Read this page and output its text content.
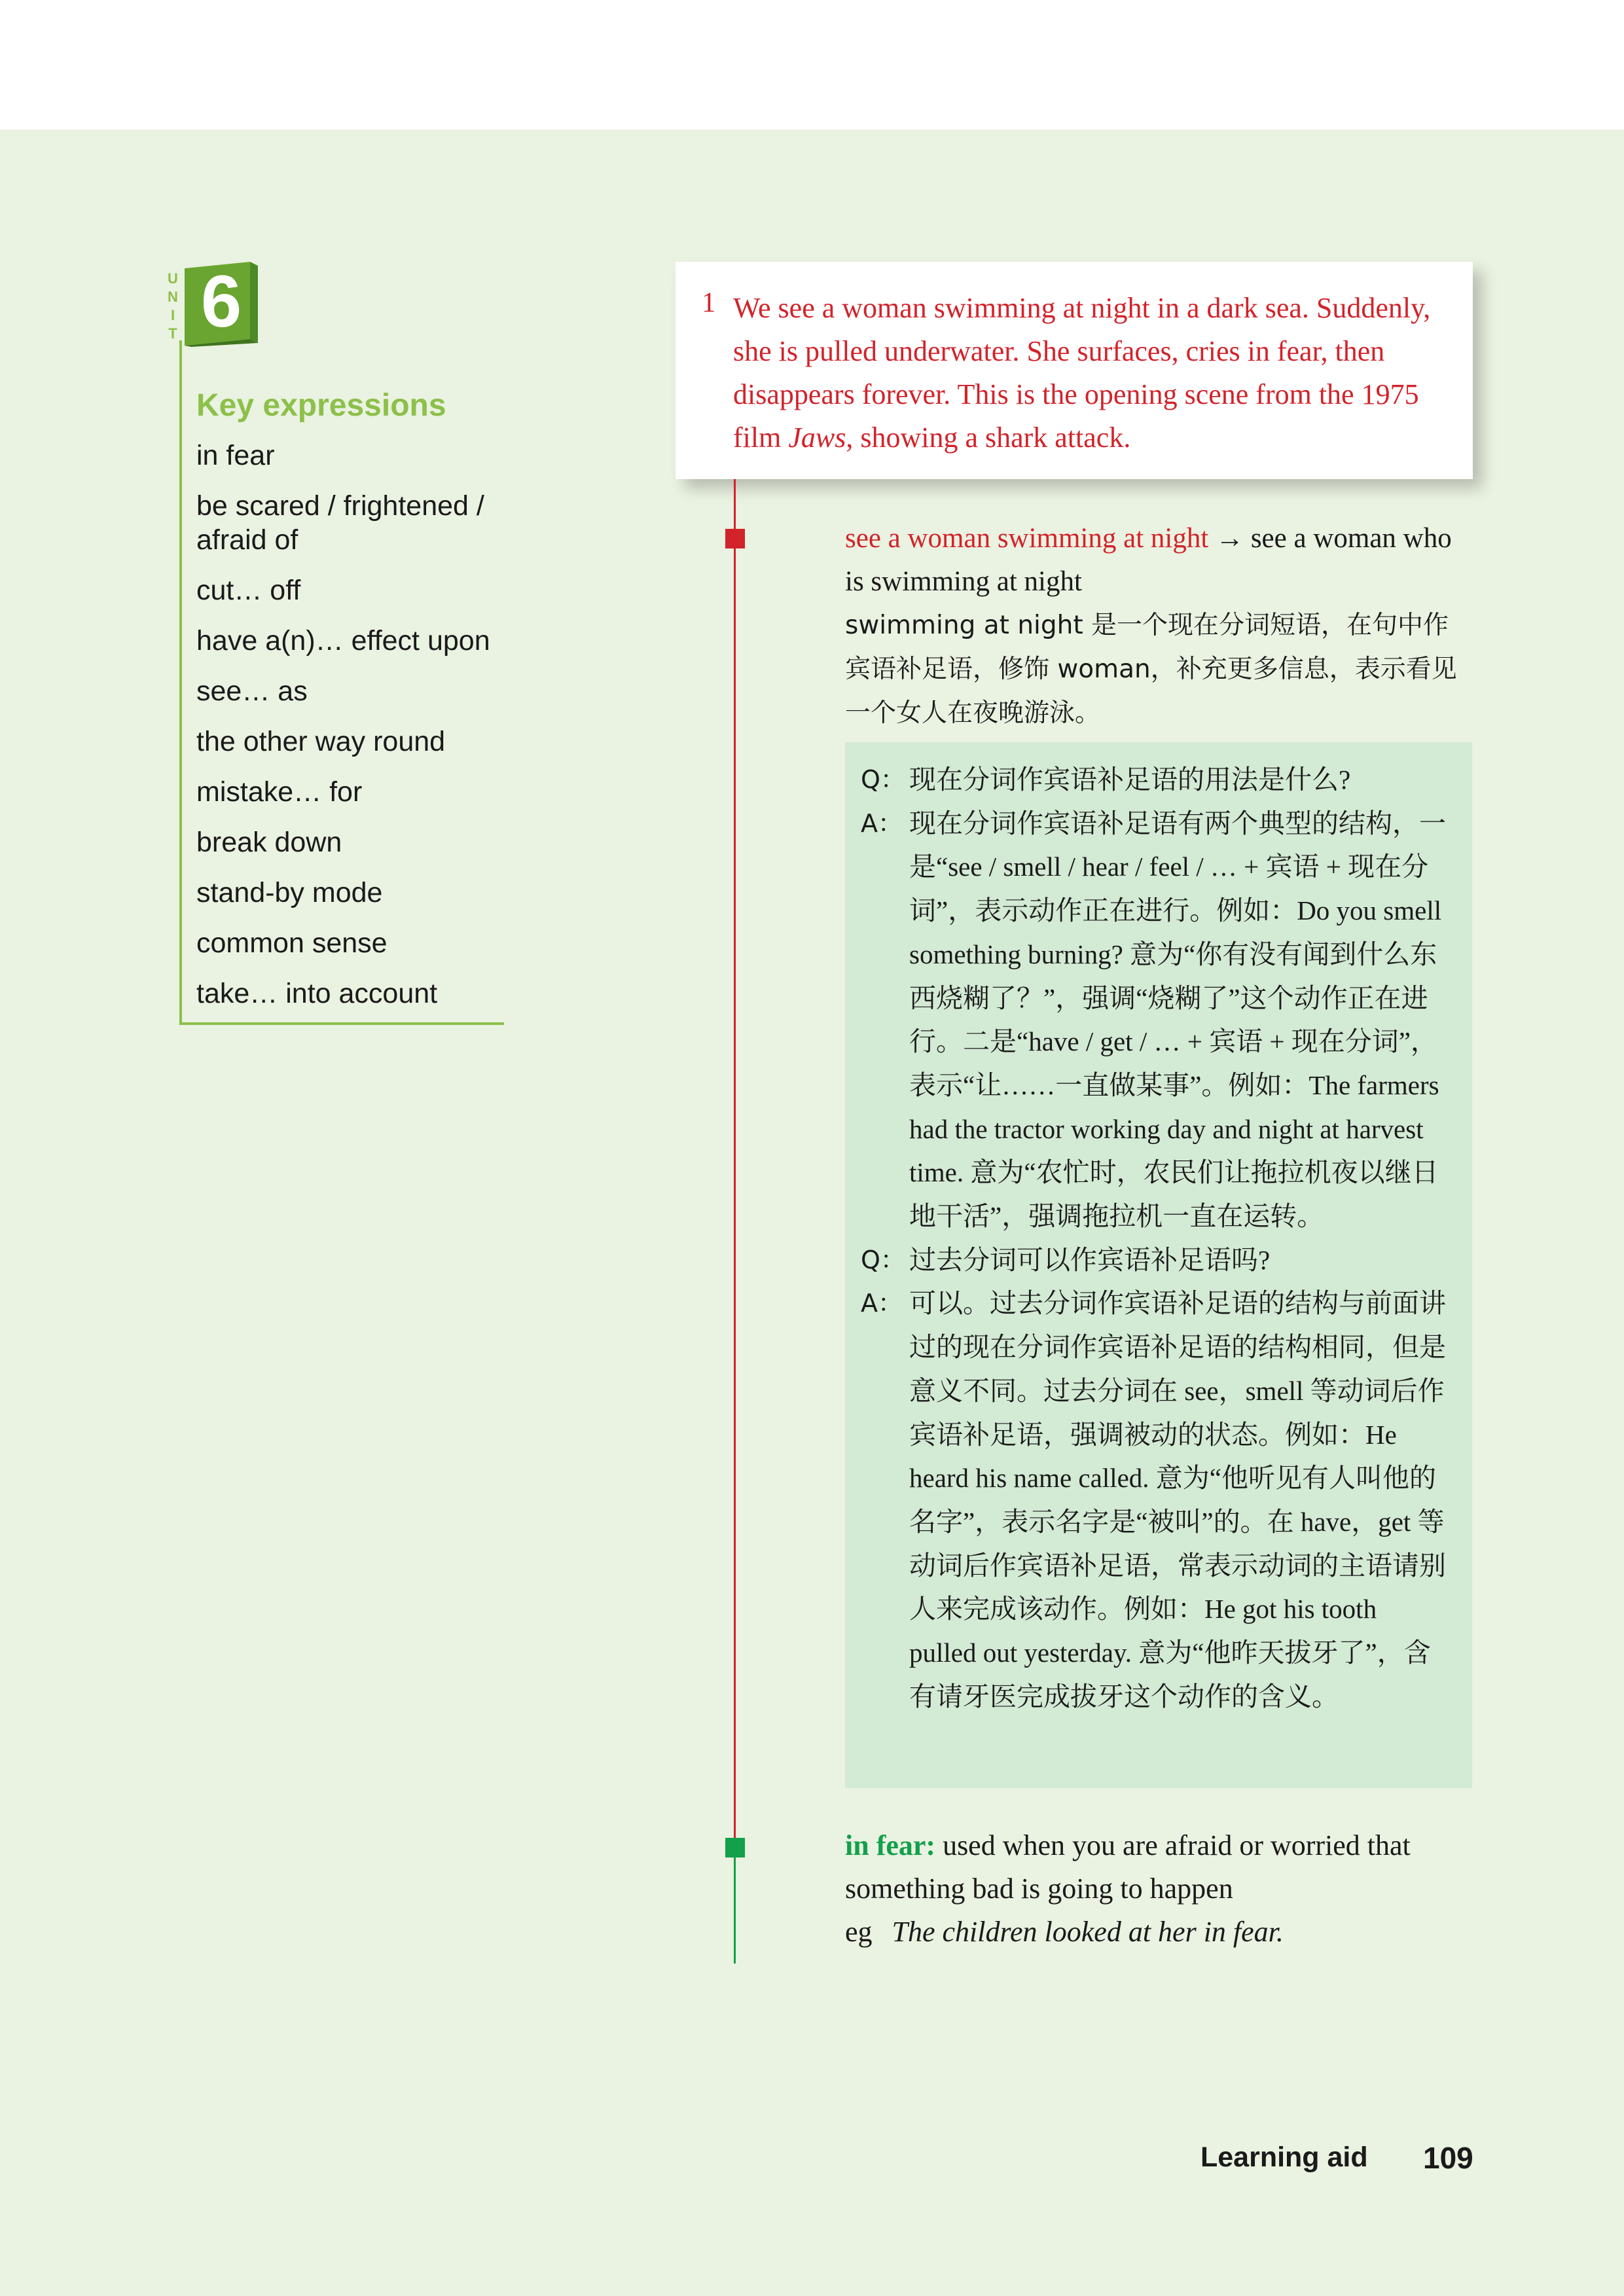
U
N
I
T 6
Key expressions
in fear
be scared / frightened / afraid of
cut… off
have a(n)… effect upon
see… as
the other way round
mistake… for
break down
stand-by mode
common sense
take… into account
1 We see a woman swimming at night in a dark sea. Suddenly, she is pulled underwater. She surfaces, cries in fear, then disappears forever. This is the opening scene from the 1975 film Jaws, showing a shark attack.
see a woman swimming at night → see a woman who is swimming at night
swimming at night 是一个现在分词短语，在句中作宾语补足语，修饰 woman，补充更多信息，表示看见一个女人在夜晚游泳。
Q： 现在分词作宾语补足语的用法是什么?
A： 现在分词作宾语补足语有两个典型的结构，一是“see / smell / hear / feel / … + 宾语 + 现在分词”，表示动作正在进行。例如：Do you smell something burning? 意为“你有没有闻到什么东西烧糊了？”，强调“烧糊了”这个动作正在进行。二是“have / get / … + 宾语 + 现在分词”，表示“让……一直做某事”。例如：The farmers had the tractor working day and night at harvest time. 意为“农忙时，农民们让拖拉机夜以继日地干活”，强调拖拉机一直在运转。
Q： 过去分词可以作宾语补足语吗?
A： 可以。过去分词作宾语补足语的结构与前面讲过的现在分词作宾语补足语的结构相同，但是意义不同。过去分词在 see，smell 等动词后作宾语补足语，强调被动的状态。例如：He heard his name called. 意为“他听见有人叫他的名字”，表示名字是“被叫”的。在 have，get 等动词后作宾语补足语，常表示动词的主语请别人来完成该动作。例如：He got his tooth pulled out yesterday. 意为“他昨天拔牙了”，含有请牙医完成拔牙这个动作的含义。
in fear: used when you are afraid or worried that something bad is going to happen
eg The children looked at her in fear.
Learning aid 109
